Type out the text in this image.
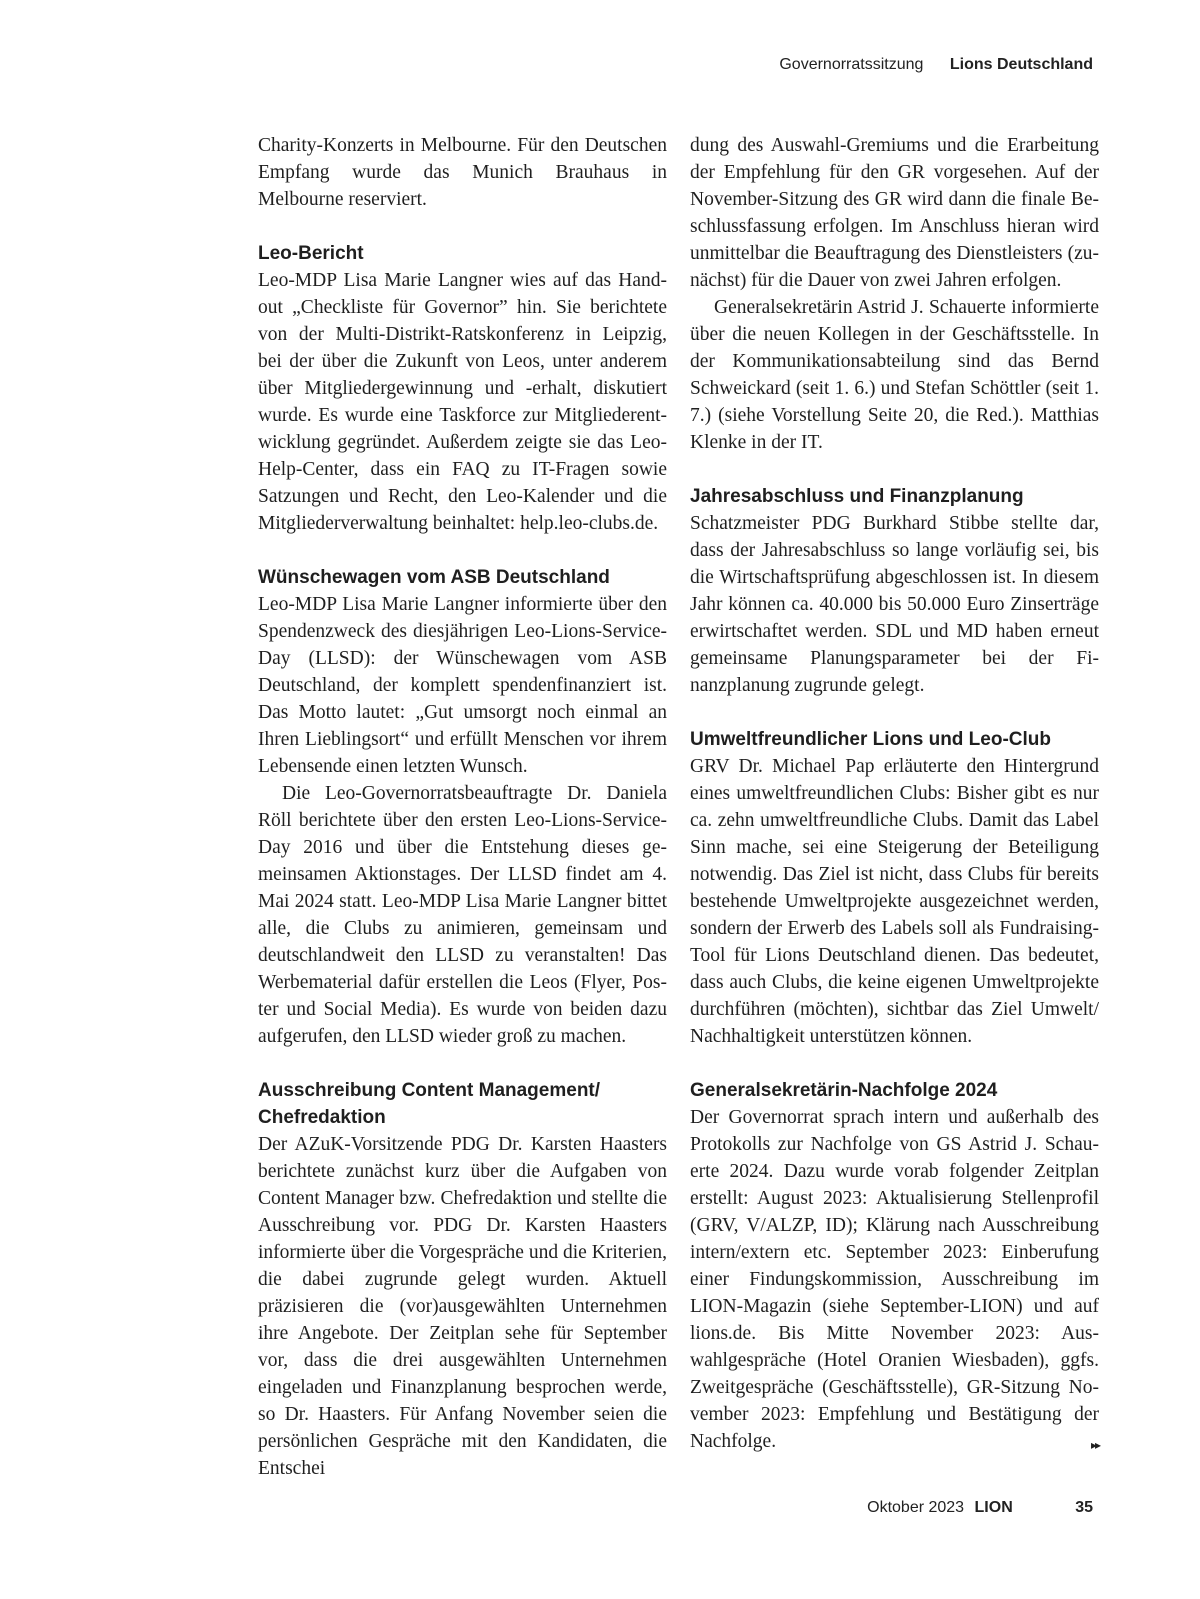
Governorratssitzung Lions Deutschland

Charity-Konzerts in Melbourne. Für den Deutschen Empfang wurde das Munich Brauhaus in Melbourne reserviert.

Leo-Bericht

Leo-MDP Lisa Marie Langner wies auf das Handout „Checkliste für Governor” hin. Sie berichtete von der Multi-Distrikt-Ratskonferenz in Leipzig, bei der über die Zukunft von Leos, unter anderem über Mitgliedergewinnung und -erhalt, diskutiert wurde. Es wurde eine Taskforce zur Mitgliederentwicklung gegründet. Außerdem zeigte sie das Leo-Help-Center, dass ein FAQ zu IT-Fragen sowie Satzungen und Recht, den Leo-Kalender und die Mitgliederverwaltung beinhaltet: help.leo-clubs.de.

Wünschewagen vom ASB Deutschland

Leo-MDP Lisa Marie Langner informierte über den Spendenzweck des diesjährigen Leo-Lions-Service-Day (LLSD): der Wünschewagen vom ASB Deutschland, der komplett spendenfinanziert ist. Das Motto lautet: „Gut umsorgt noch einmal an Ihren Lieblingsort“ und erfüllt Menschen vor ihrem Lebensende einen letzten Wunsch.

Die Leo-Governorratsbeauftragte Dr. Daniela Röll berichtete über den ersten Leo-Lions-Service-Day 2016 und über die Entstehung dieses gemeinsamen Aktionstages. Der LLSD findet am 4. Mai 2024 statt. Leo-MDP Lisa Marie Langner bittet alle, die Clubs zu animieren, gemeinsam und deutschlandweit den LLSD zu veranstalten! Das Werbematerial dafür erstellen die Leos (Flyer, Poster und Social Media). Es wurde von beiden dazu aufgerufen, den LLSD wieder groß zu machen.

Ausschreibung Content Management/
Chefredaktion

Der AZuK-Vorsitzende PDG Dr. Karsten Haasters berichtete zunächst kurz über die Aufgaben von Content Manager bzw. Chefredaktion und stellte die Ausschreibung vor. PDG Dr. Karsten Haasters informierte über die Vorgespräche und die Kriterien, die dabei zugrunde gelegt wurden. Aktuell präzisieren die (vor)ausgewählten Unternehmen ihre Angebote. Der Zeitplan sehe für September vor, dass die drei ausgewählten Unternehmen eingeladen und Finanzplanung besprochen werde, so Dr. Haasters. Für Anfang November seien die persönlichen Gespräche mit den Kandidaten, die Entschei

dung des Auswahl-Gremiums und die Erarbeitung der Empfehlung für den GR vorgesehen. Auf der November-Sitzung des GR wird dann die finale Beschlussfassung erfolgen. Im Anschluss hieran wird unmittelbar die Beauftragung des Dienstleisters (zunächst) für die Dauer von zwei Jahren erfolgen.

Generalsekretärin Astrid J. Schauerte informierte über die neuen Kollegen in der Geschäftsstelle. In der Kommunikationsabteilung sind das Bernd Schweickard (seit 1. 6.) und Stefan Schöttler (seit 1. 7.) (siehe Vorstellung Seite 20, die Red.). Matthias Klenke in der IT.

Jahresabschluss und Finanzplanung

Schatzmeister PDG Burkhard Stibbe stellte dar, dass der Jahresabschluss so lange vorläufig sei, bis die Wirtschaftsprüfung abgeschlossen ist. In diesem Jahr können ca. 40.000 bis 50.000 Euro Zinserträge erwirtschaftet werden. SDL und MD haben erneut gemeinsame Planungsparameter bei der Finanzplanung zugrunde gelegt.

Umweltfreundlicher Lions und Leo-Club

GRV Dr. Michael Pap erläuterte den Hintergrund eines umweltfreundlichen Clubs: Bisher gibt es nur ca. zehn umweltfreundliche Clubs. Damit das Label Sinn mache, sei eine Steigerung der Beteiligung notwendig. Das Ziel ist nicht, dass Clubs für bereits bestehende Umweltprojekte ausgezeichnet werden, sondern der Erwerb des Labels soll als Fundraising-Tool für Lions Deutschland dienen. Das bedeutet, dass auch Clubs, die keine eigenen Umweltprojekte durchführen (möchten), sichtbar das Ziel Umwelt/ Nachhaltigkeit unterstützen können.

Generalsekretärin-Nachfolge 2024

Der Governorrat sprach intern und außerhalb des Protokolls zur Nachfolge von GS Astrid J. Schauerte 2024. Dazu wurde vorab folgender Zeitplan erstellt: August 2023: Aktualisierung Stellenprofil (GRV, V/ALZP, ID); Klärung nach Ausschreibung intern/extern etc. September 2023: Einberufung einer Findungskommission, Ausschreibung im LION-Magazin (siehe September-LION) und auf lions.de. Bis Mitte November 2023: Auswahlgespräche (Hotel Oranien Wiesbaden), ggfs. Zweitgespräche (Geschäftsstelle), GR-Sitzung November 2023: Empfehlung und Bestätigung der Nachfolge.	▸▸

Oktober 2023 LION	35
